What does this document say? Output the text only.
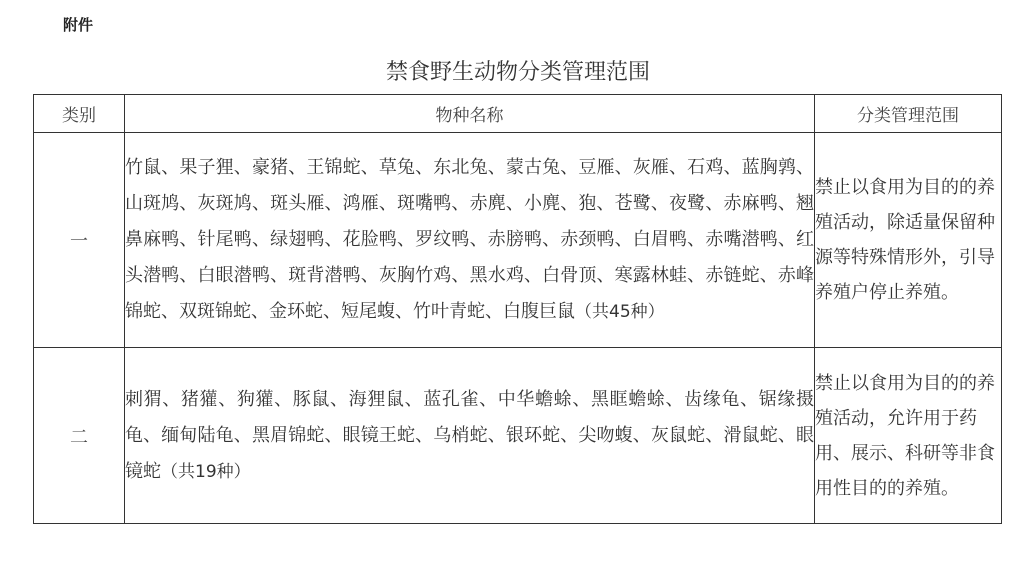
附件
禁食野生动物分类管理范围
类别	物种名称	分类管理范围
一	竹鼠、果子狸、豪猪、王锦蛇、草兔、东北兔、蒙古兔、豆雁、灰雁、石鸡、蓝胸鹑、山斑鸠、灰斑鸠、斑头雁、鸿雁、斑嘴鸭、赤麂、小麂、狍、苍鹭、夜鹭、赤麻鸭、翘鼻麻鸭、针尾鸭、绿翅鸭、花脸鸭、罗纹鸭、赤膀鸭、赤颈鸭、白眉鸭、赤嘴潜鸭、红头潜鸭、白眼潜鸭、斑背潜鸭、灰胸竹鸡、黑水鸡、白骨顶、寒露林蛙、赤链蛇、赤峰锦蛇、双斑锦蛇、金环蛇、短尾蝮、竹叶青蛇、白腹巨鼠（共45种）	禁止以食用为目的的养殖活动，除适量保留种源等特殊情形外，引导养殖户停止养殖。
二	刺猬、猪獾、狗獾、豚鼠、海狸鼠、蓝孔雀、中华蟾蜍、黑眶蟾蜍、齿缘龟、锯缘摄龟、缅甸陆龟、黑眉锦蛇、眼镜王蛇、乌梢蛇、银环蛇、尖吻蝮、灰鼠蛇、滑鼠蛇、眼镜蛇（共19种）	禁止以食用为目的的养殖活动，允许用于药用、展示、科研等非食用性目的的养殖。
